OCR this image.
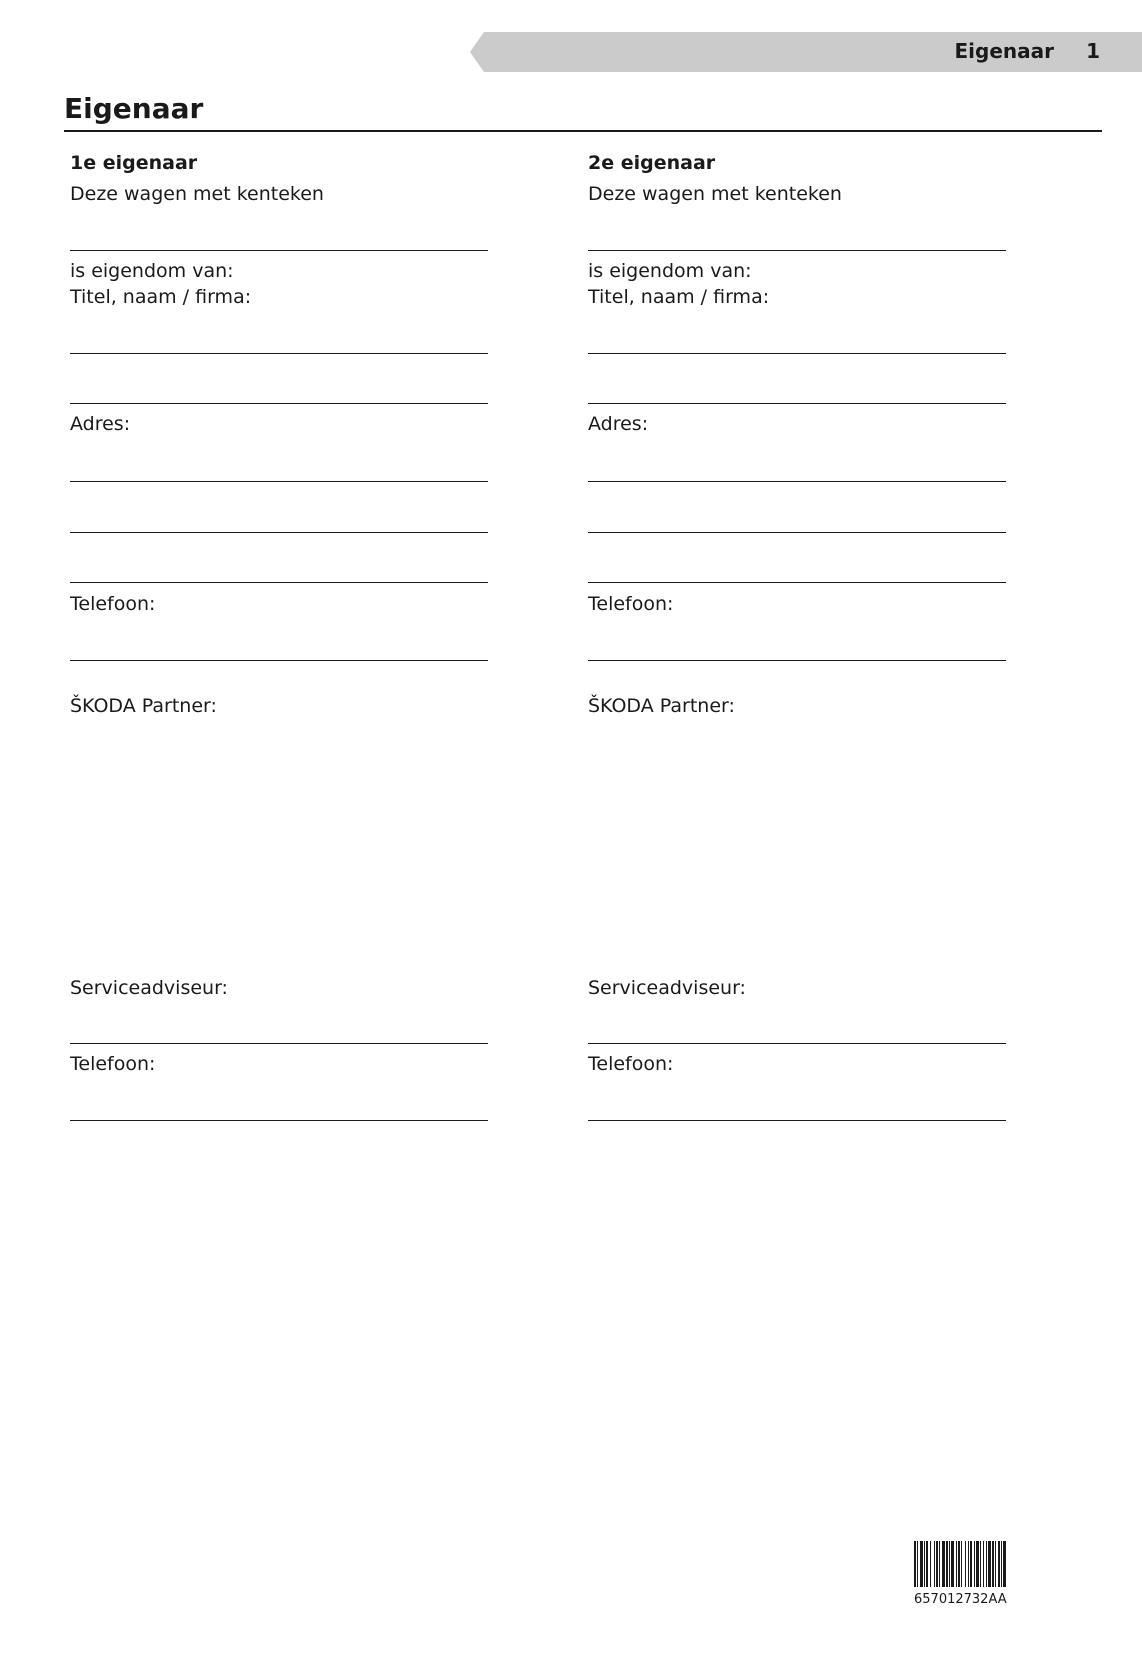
Eigenaar 1
Eigenaar
1e eigenaar
Deze wagen met kenteken
is eigendom van:
Titel, naam / firma:
Adres:
Telefoon:
ŠKODA Partner:
Serviceadviseur:
Telefoon:
2e eigenaar
Deze wagen met kenteken
is eigendom van:
Titel, naam / firma:
Adres:
Telefoon:
ŠKODA Partner:
Serviceadviseur:
Telefoon:
657012732AA
